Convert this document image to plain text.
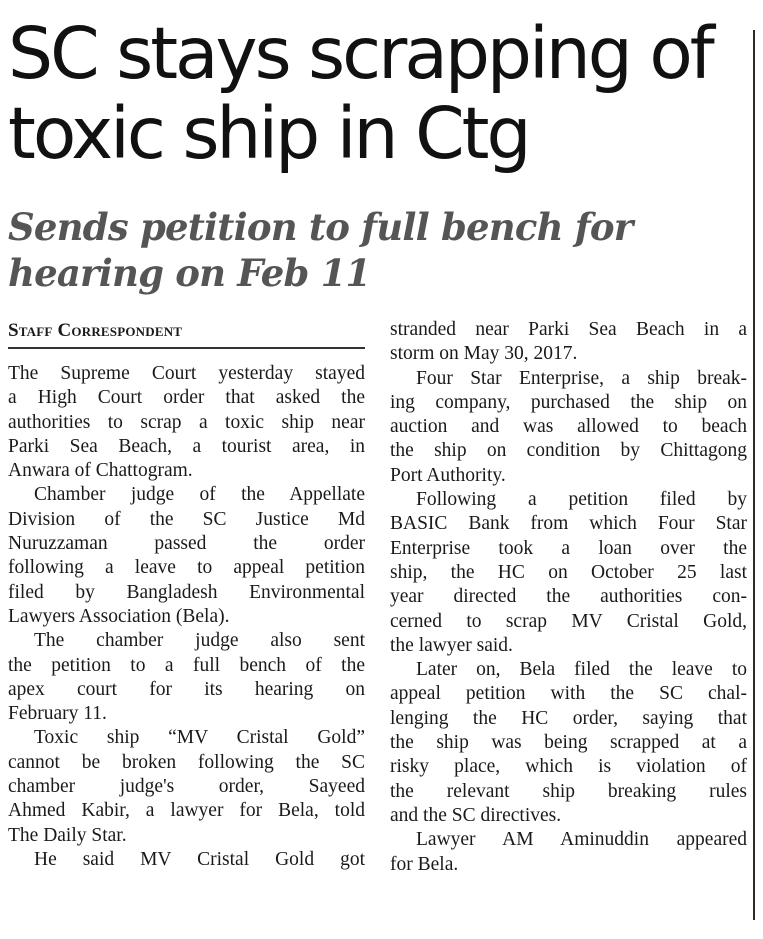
SC stays scrapping of
toxic ship in Ctg
Sends petition to full bench for
hearing on Feb 11
Staff Correspondent
The Supreme Court yesterday stayed
a High Court order that asked the
authorities to scrap a toxic ship near
Parki Sea Beach, a tourist area, in
Anwara of Chattogram.
Chamber judge of the Appellate
Division of the SC Justice Md
Nuruzzaman passed the order
following a leave to appeal petition
filed by Bangladesh Environmental
Lawyers Association (Bela).
The chamber judge also sent
the petition to a full bench of the
apex court for its hearing on
February 11.
Toxic ship “MV Cristal Gold”
cannot be broken following the SC
chamber judge's order, Sayeed
Ahmed Kabir, a lawyer for Bela, told
The Daily Star.
He said MV Cristal Gold got
stranded near Parki Sea Beach in a
storm on May 30, 2017.
Four Star Enterprise, a ship break-
ing company, purchased the ship on
auction and was allowed to beach
the ship on condition by Chittagong
Port Authority.
Following a petition filed by
BASIC Bank from which Four Star
Enterprise took a loan over the
ship, the HC on October 25 last
year directed the authorities con-
cerned to scrap MV Cristal Gold,
the lawyer said.
Later on, Bela filed the leave to
appeal petition with the SC chal-
lenging the HC order, saying that
the ship was being scrapped at a
risky place, which is violation of
the relevant ship breaking rules
and the SC directives.
Lawyer AM Aminuddin appeared
for Bela.
